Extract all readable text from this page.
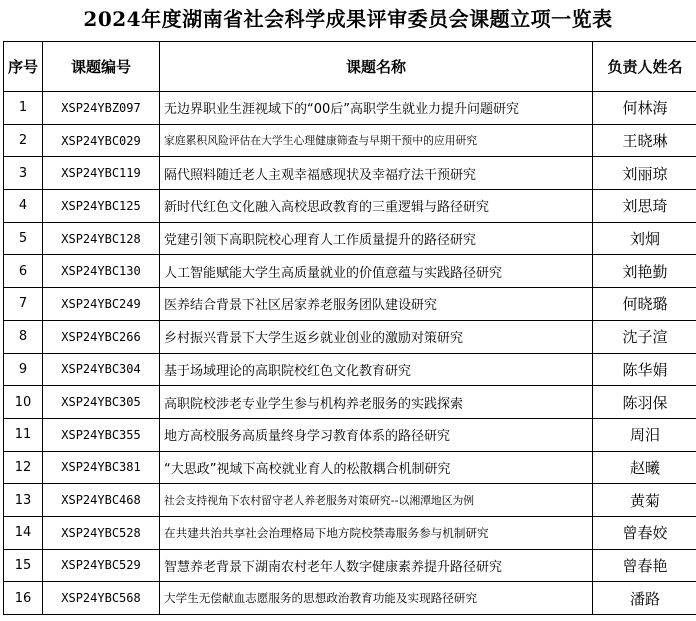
2024年度湖南省社会科学成果评审委员会课题立项一览表
序号	课题编号	课题名称	负责人姓名
1	XSP24YBZ097	无边界职业生涯视域下的“00后”高职学生就业力提升问题研究	何林海
2	XSP24YBC029	家庭累积风险评估在大学生心理健康筛查与早期干预中的应用研究	王晓琳
3	XSP24YBC119	隔代照料随迁老人主观幸福感现状及幸福疗法干预研究	刘丽琼
4	XSP24YBC125	新时代红色文化融入高校思政教育的三重逻辑与路径研究	刘思琦
5	XSP24YBC128	党建引领下高职院校心理育人工作质量提升的路径研究	刘炯
6	XSP24YBC130	人工智能赋能大学生高质量就业的价值意蕴与实践路径研究	刘艳勤
7	XSP24YBC249	医养结合背景下社区居家养老服务团队建设研究	何晓璐
8	XSP24YBC266	乡村振兴背景下大学生返乡就业创业的激励对策研究	沈子渲
9	XSP24YBC304	基于场域理论的高职院校红色文化教育研究	陈华娟
10	XSP24YBC305	高职院校涉老专业学生参与机构养老服务的实践探索	陈羽保
11	XSP24YBC355	地方高校服务高质量终身学习教育体系的路径研究	周汨
12	XSP24YBC381	“大思政”视域下高校就业育人的松散耦合机制研究	赵曦
13	XSP24YBC468	社会支持视角下农村留守老人养老服务对策研究--以湘潭地区为例	黄菊
14	XSP24YBC528	在共建共治共享社会治理格局下地方院校禁毒服务参与机制研究	曾春姣
15	XSP24YBC529	智慧养老背景下湖南农村老年人数字健康素养提升路径研究	曾春艳
16	XSP24YBC568	大学生无偿献血志愿服务的思想政治教育功能及实现路径研究	潘路
